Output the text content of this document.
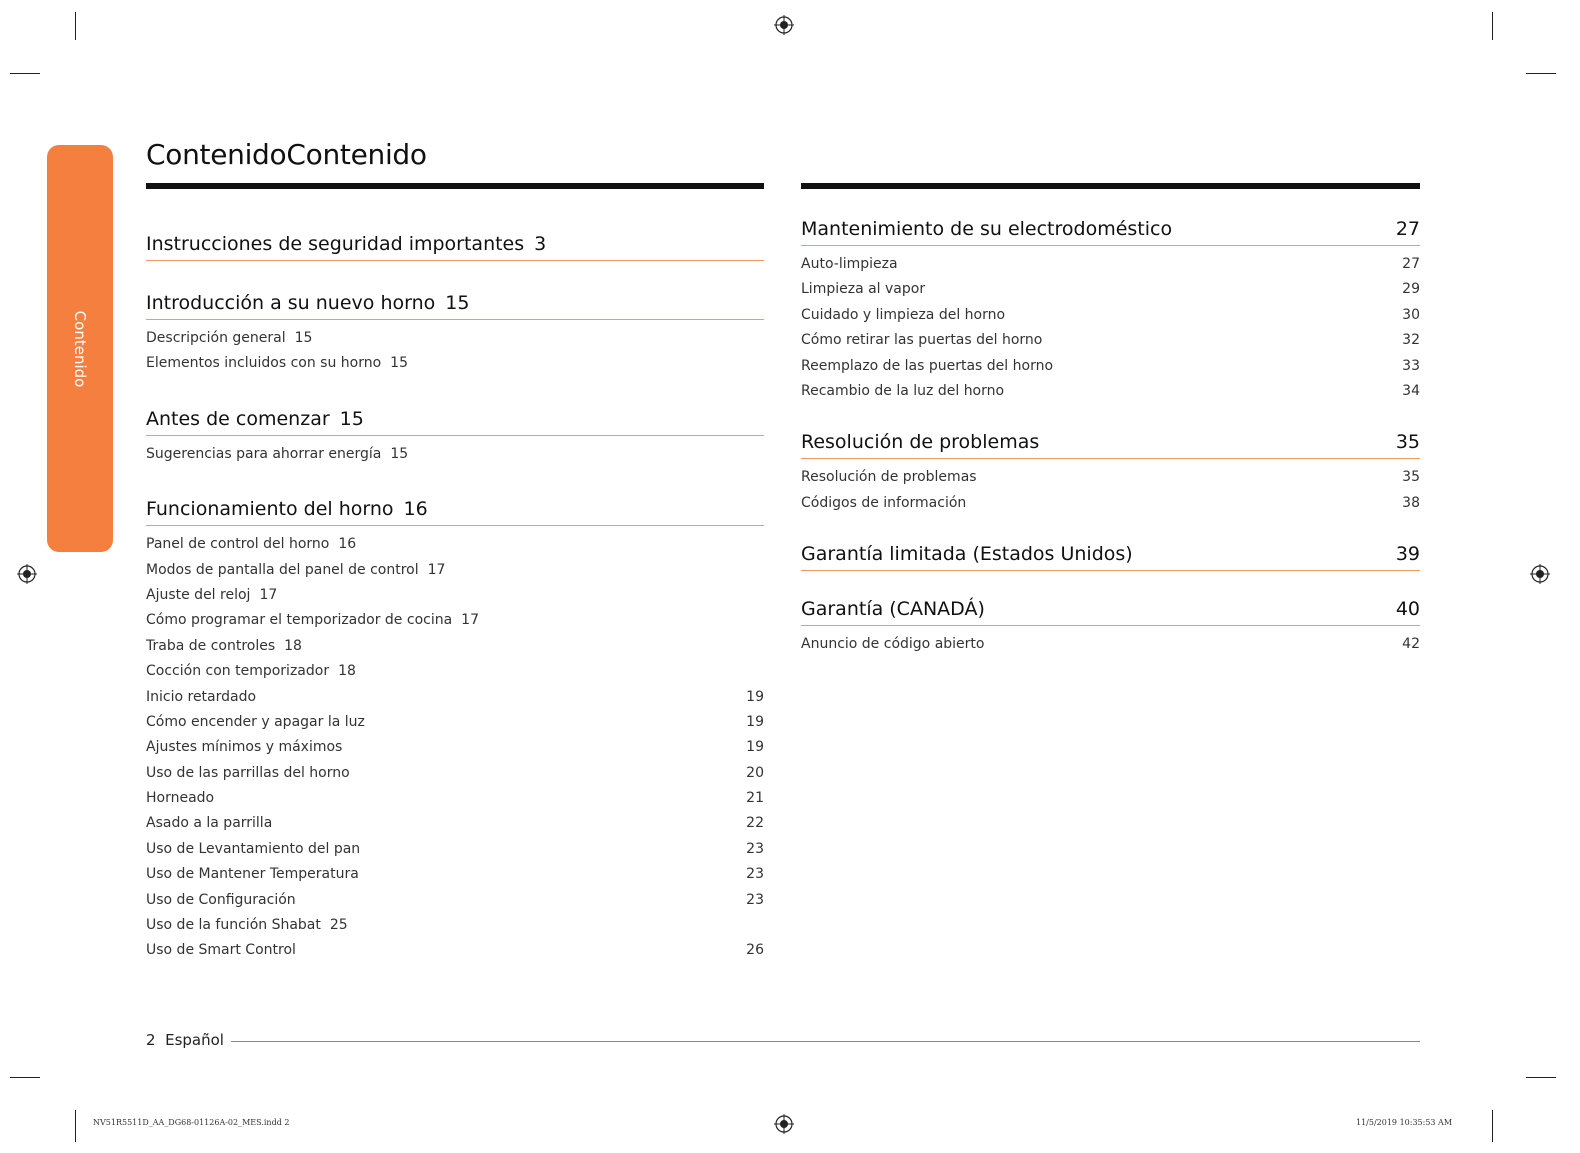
Contenido
ContenidoContenido
Instrucciones de seguridad importantes 3
Introducción a su nuevo horno 15
Descripción general 15
Elementos incluidos con su horno 15
Antes de comenzar 15
Sugerencias para ahorrar energía 15
Funcionamiento del horno 16
Panel de control del horno 16
Modos de pantalla del panel de control 17
Ajuste del reloj 17
Cómo programar el temporizador de cocina 17
Traba de controles 18
Cocción con temporizador 18
Inicio retardado	19
Cómo encender y apagar la luz	19
Ajustes mínimos y máximos	19
Uso de las parrillas del horno	20
Horneado	21
Asado a la parrilla	22
Uso de Levantamiento del pan	23
Uso de Mantener Temperatura	23
Uso de Configuración	23
Uso de la función Shabat 25
Uso de Smart Control	26
Mantenimiento de su electrodoméstico	27
Auto-limpieza	27
Limpieza al vapor	29
Cuidado y limpieza del horno	30
Cómo retirar las puertas del horno	32
Reemplazo de las puertas del horno	33
Recambio de la luz del horno	34
Resolución de problemas	35
Resolución de problemas	35
Códigos de información	38
Garantía limitada (Estados Unidos)	39
Garantía (CANADÁ)	40
Anuncio de código abierto	42
2 Español
NV51R5511D_AA_DG68-01126A-02_MES.indd 2	11/5/2019 10:35:53 AM
